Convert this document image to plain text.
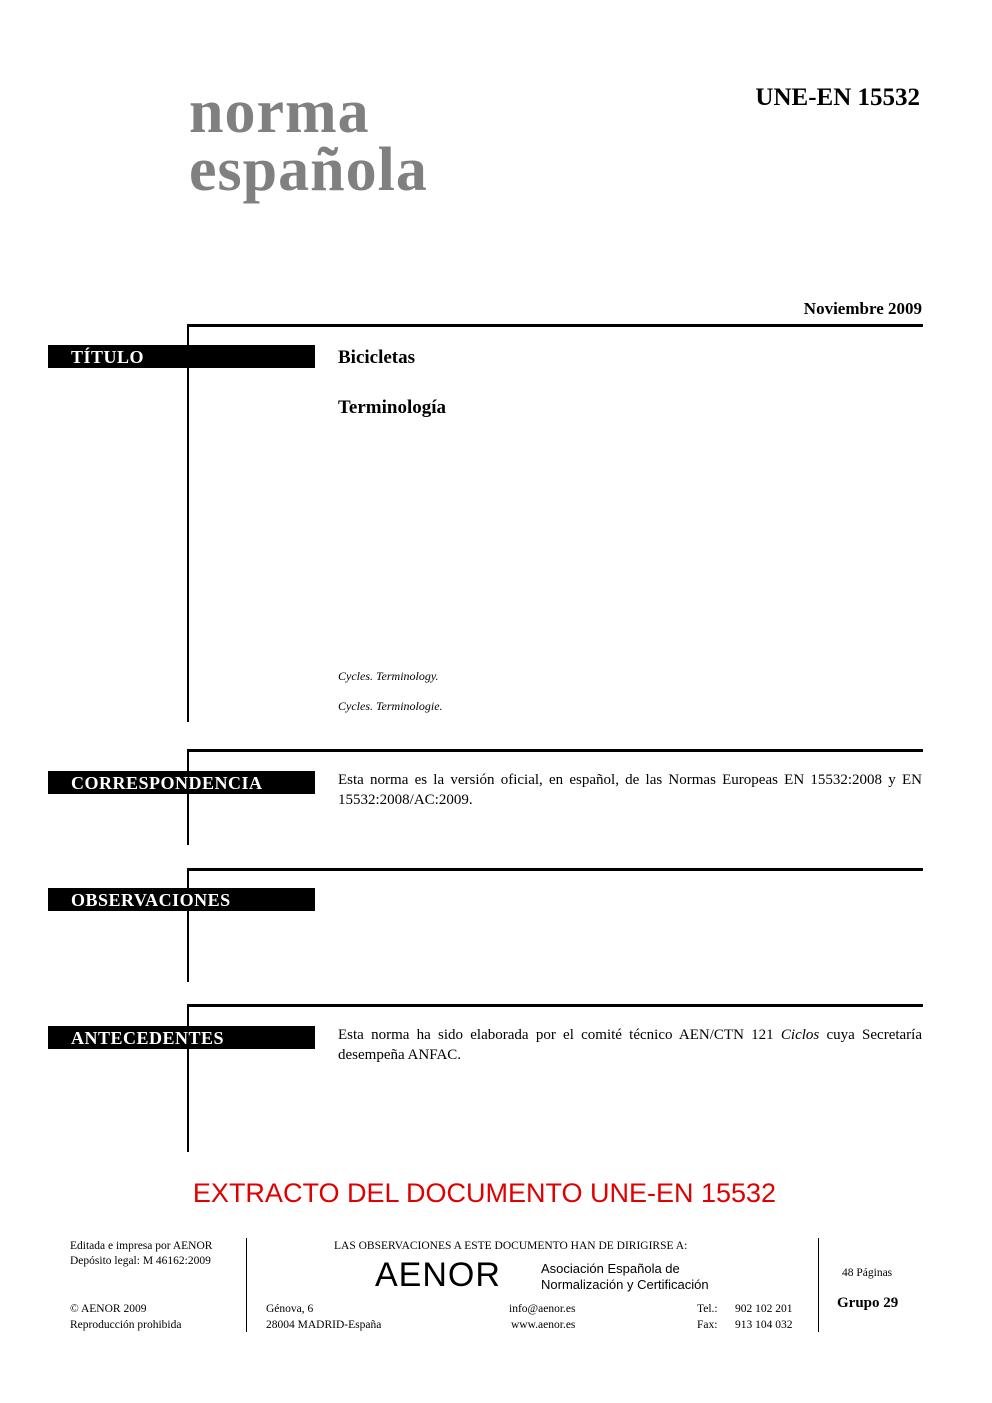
norma
española
UNE-EN 15532
Noviembre 2009
TÍTULO	Bicicletas
Terminología
Cycles. Terminology.
Cycles. Terminologie.
CORRESPONDENCIA	Esta norma es la versión oficial, en español, de las Normas Europeas EN 15532:2008 y EN 15532:2008/AC:2009.
OBSERVACIONES
ANTECEDENTES	Esta norma ha sido elaborada por el comité técnico AEN/CTN 121 Ciclos cuya Secretaría desempeña ANFAC.
EXTRACTO DEL DOCUMENTO UNE-EN 15532
Editada e impresa por AENOR
Depósito legal: M 46162:2009
© AENOR 2009
Reproducción prohibida
LAS OBSERVACIONES A ESTE DOCUMENTO HAN DE DIRIGIRSE A:
AENOR	Asociación Española de
Normalización y Certificación
Génova, 6
28004 MADRID-España
info@aenor.es
www.aenor.es
Tel.: 902 102 201
Fax: 913 104 032
48 Páginas
Grupo 29
